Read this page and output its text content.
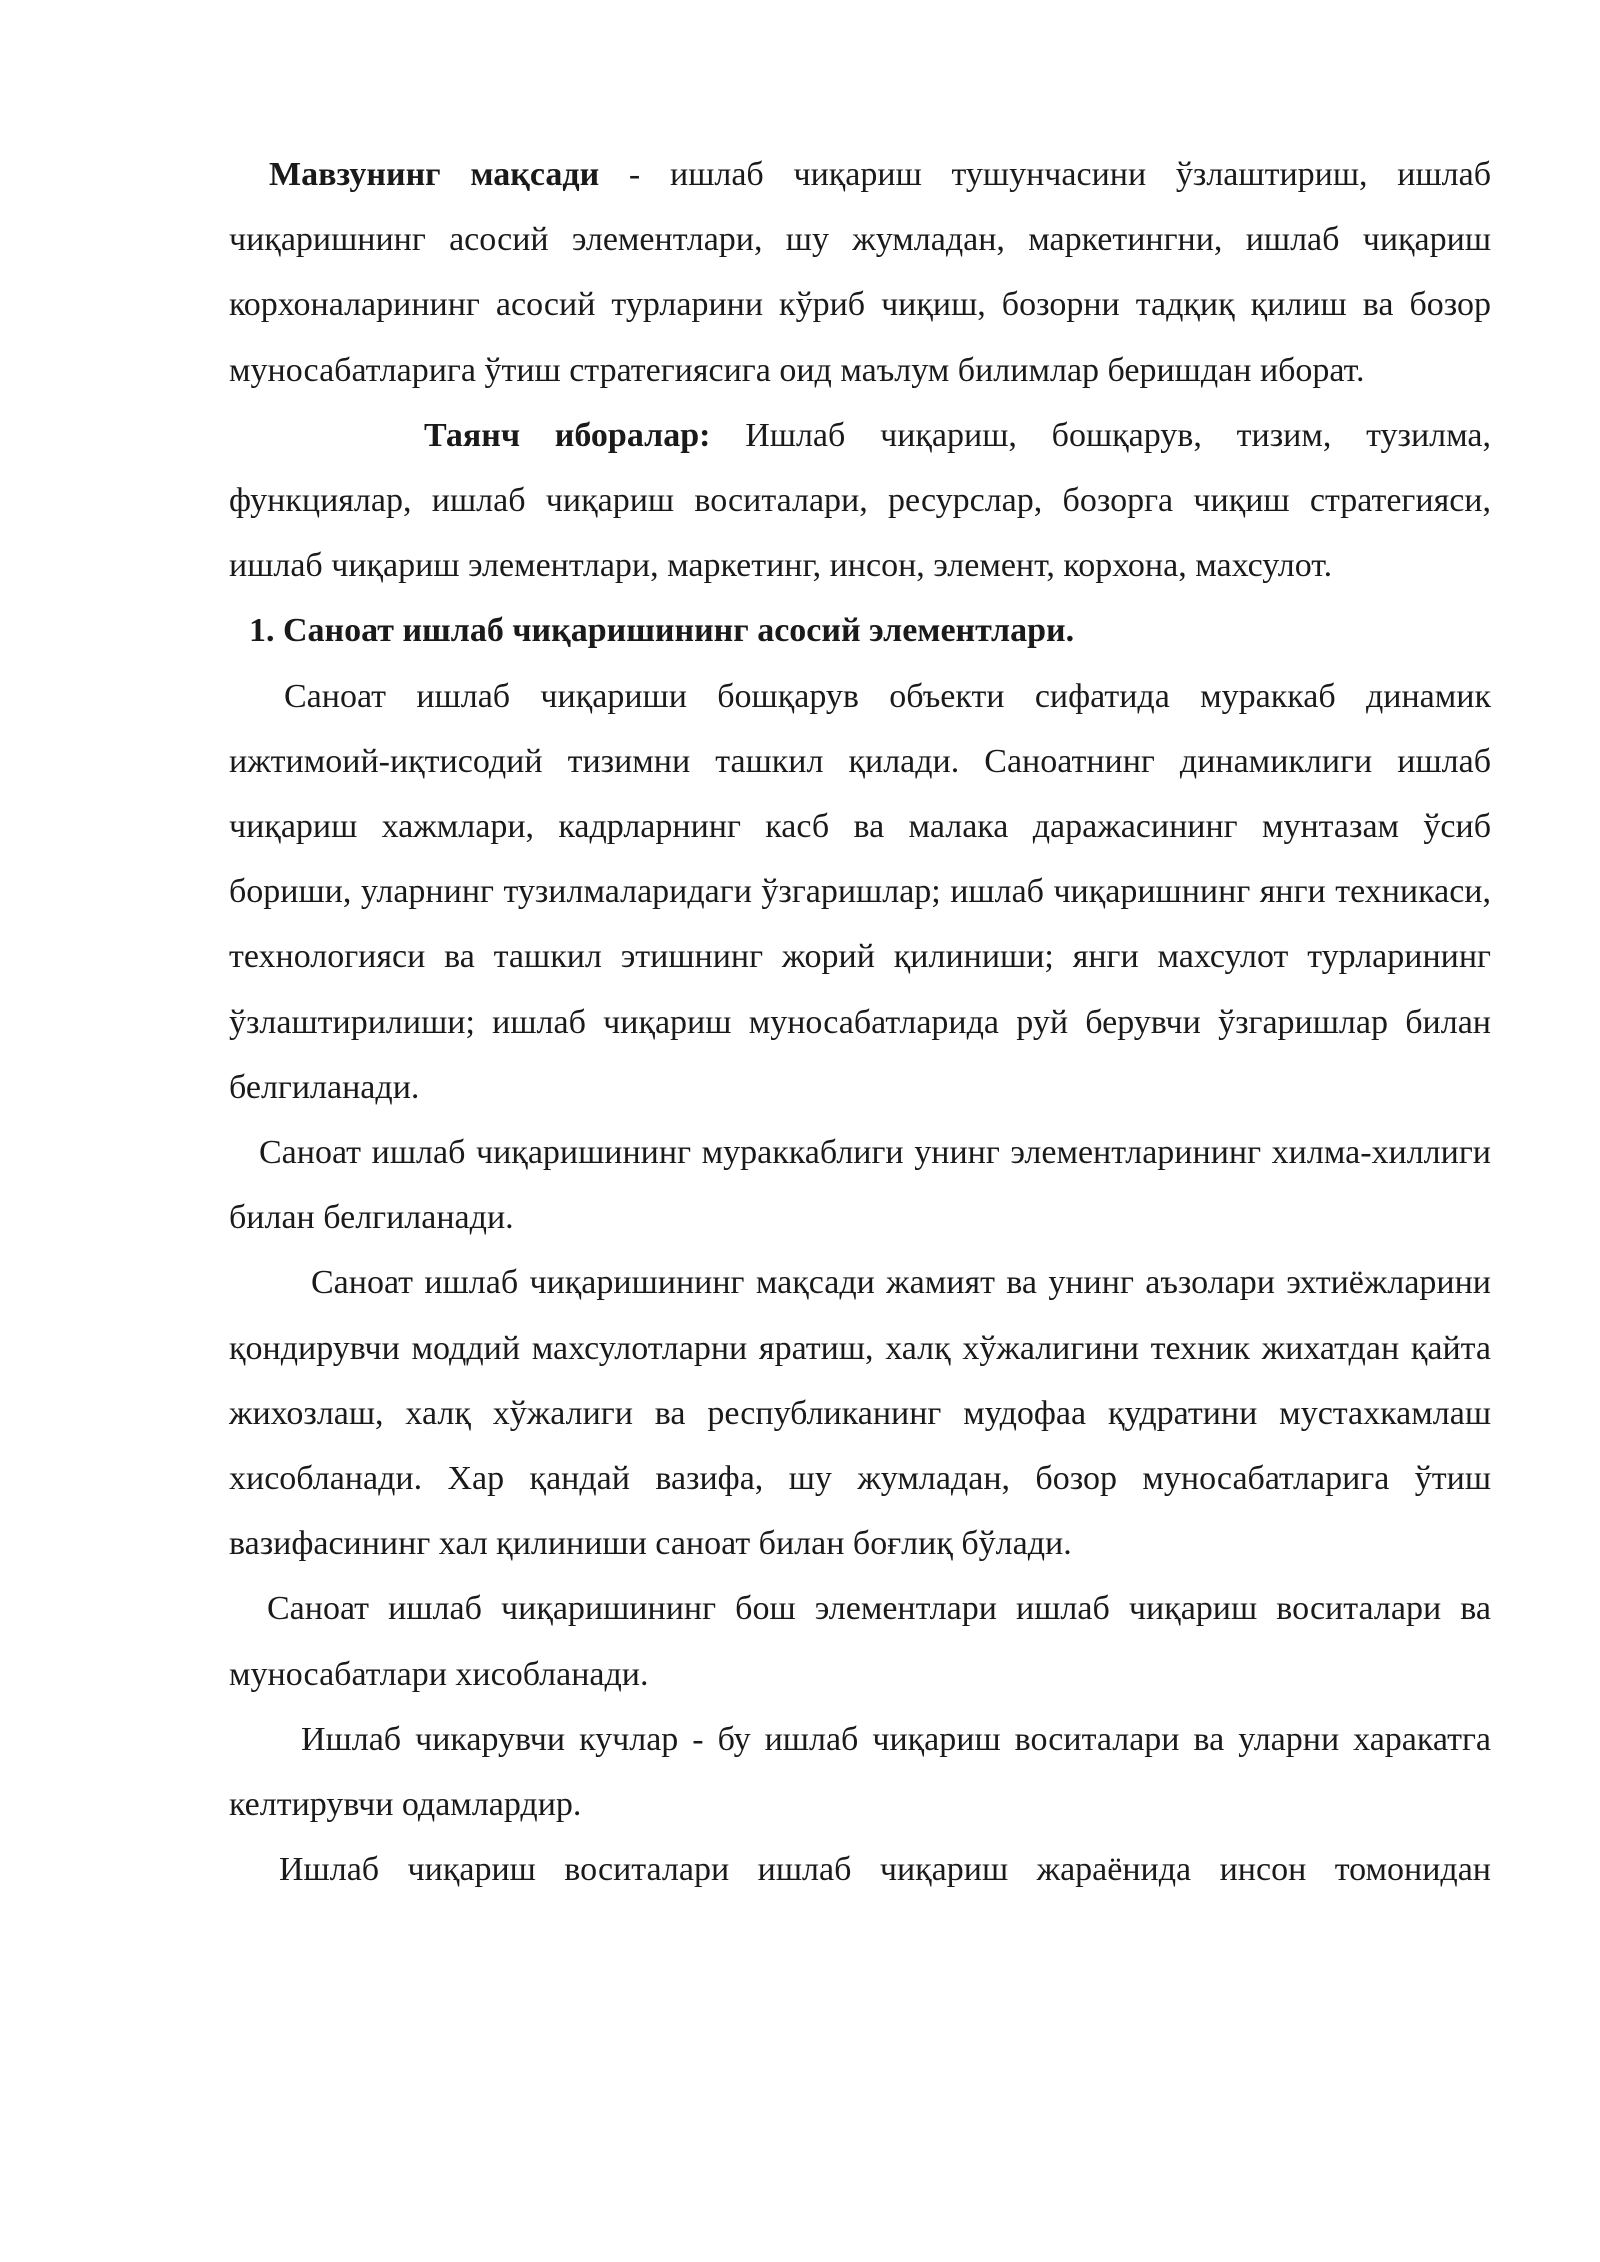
Мавзунинг мақсади - ишлаб чиқариш тушунчасини ўзлаштириш, ишлаб чиқаришнинг асосий элементлари, шу жумладан, маркетингни, ишлаб чиқариш корхоналарининг асосий турларини кўриб чиқиш, бозорни тадқиқ қилиш ва бозор муносабатларига ўтиш стратегиясига оид маълум билимлар беришдан иборат.

Таянч иборалар: Ишлаб чиқариш, бошқарув, тизим, тузилма, функциялар, ишлаб чиқариш воситалари, ресурслар, бозорга чиқиш стратегияси, ишлаб чиқариш элементлари, маркетинг, инсон, элемент, корхона, махсулот.

1. Саноат ишлаб чиқаришининг асосий элементлари.

Саноат ишлаб чиқариши бошқарув объекти сифатида мураккаб динамик ижтимоий-иқтисодий тизимни ташкил қилади. Саноатнинг динамиклиги ишлаб чиқариш хажмлари, кадрларнинг касб ва малака даражасининг мунтазам ўсиб бориши, уларнинг тузилмаларидаги ўзгаришлар; ишлаб чиқаришнинг янги техникаси, технологияси ва ташкил этишнинг жорий қилиниши; янги махсулот турларининг ўзлаштирилиши; ишлаб чиқариш муносабатларида руй берувчи ўзгаришлар билан белгиланади.

Саноат ишлаб чиқаришининг мураккаблиги унинг элементларининг хилма-хиллиги билан белгиланади.

Саноат ишлаб чиқаришининг мақсади жамият ва унинг аъзолари эхтиёжларини қондирувчи моддий махсулотларни яратиш, халқ хўжалигини техник жихатдан қайта жихозлаш, халқ хўжалиги ва республиканинг мудофаа қудратини мустахкамлаш хисобланади. Хар қандай вазифа, шу жумладан, бозор муносабатларига ўтиш вазифасининг хал қилиниши саноат билан боғлиқ бўлади.

Саноат ишлаб чиқаришининг бош элементлари ишлаб чиқариш воситалари ва муносабатлари хисобланади.

Ишлаб чикарувчи кучлар - бу ишлаб чиқариш воситалари ва уларни харакатга келтирувчи одамлардир.

Ишлаб чиқариш воситалари ишлаб чиқариш жараёнида инсон томонидан
